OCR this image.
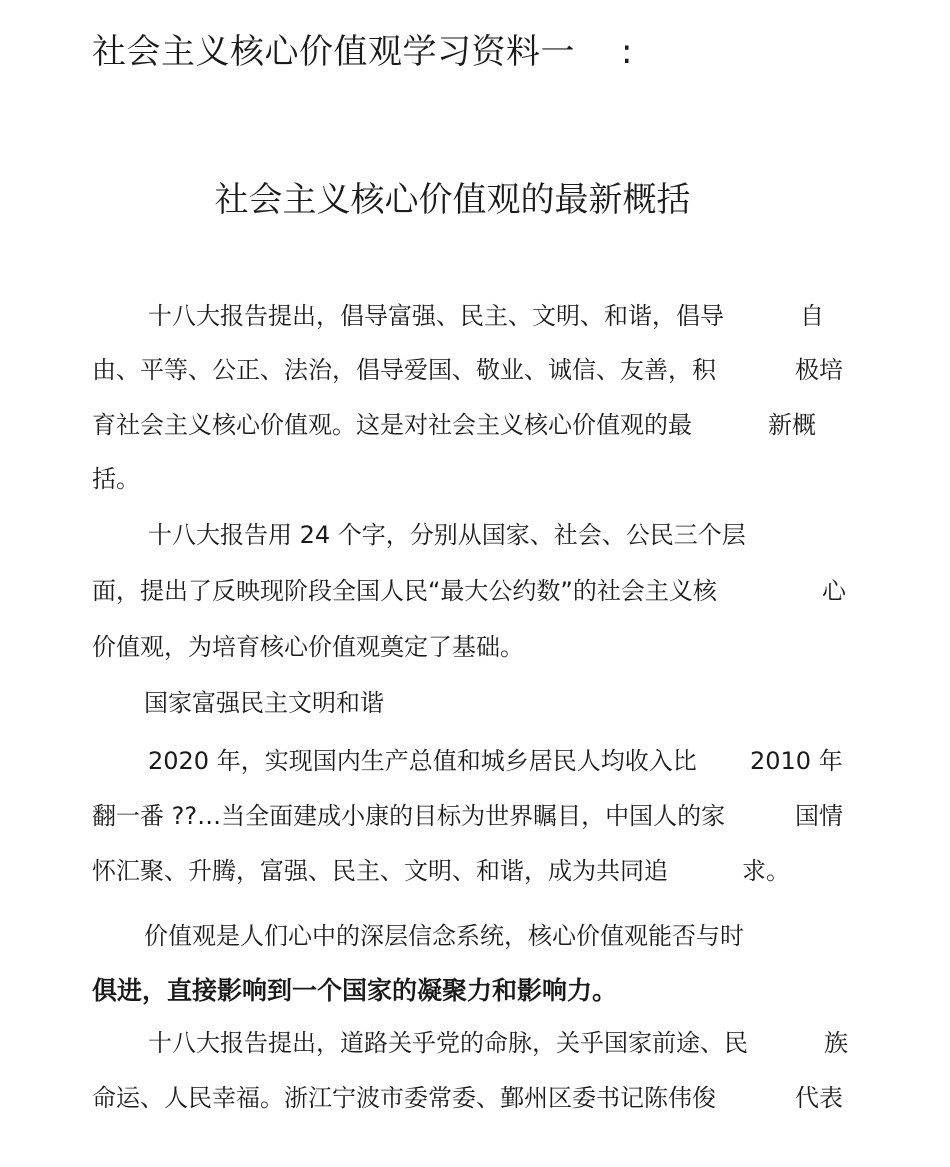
社会主义核心价值观学习资料一 :
社会主义核心价值观的最新概括
十八大报告提出，倡导富强、民主、文明、和谐，倡导	自
由、平等、公正、法治，倡导爱国、敬业、诚信、友善，积	极培
育社会主义核心价值观。这是对社会主义核心价值观的最	新概
括。
十八大报告用 24 个字，分别从国家、社会、公民三个层
面，提出了反映现阶段全国人民“最大公约数”的社会主义核	心
价值观，为培育核心价值观奠定了基础。
国家富强民主文明和谐
2020 年，实现国内生产总值和城乡居民人均收入比 2010 年
翻一番 ??…当全面建成小康的目标为世界瞩目，中国人的家	国情
怀汇聚、升腾，富强、民主、文明、和谐，成为共同追	求。
价值观是人们心中的深层信念系统，核心价值观能否与时
俱进，直接影响到一个国家的凝聚力和影响力。
十八大报告提出，道路关乎党的命脉，关乎国家前途、民	族
命运、人民幸福。浙江宁波市委常委、鄞州区委书记陈伟俊	代表
